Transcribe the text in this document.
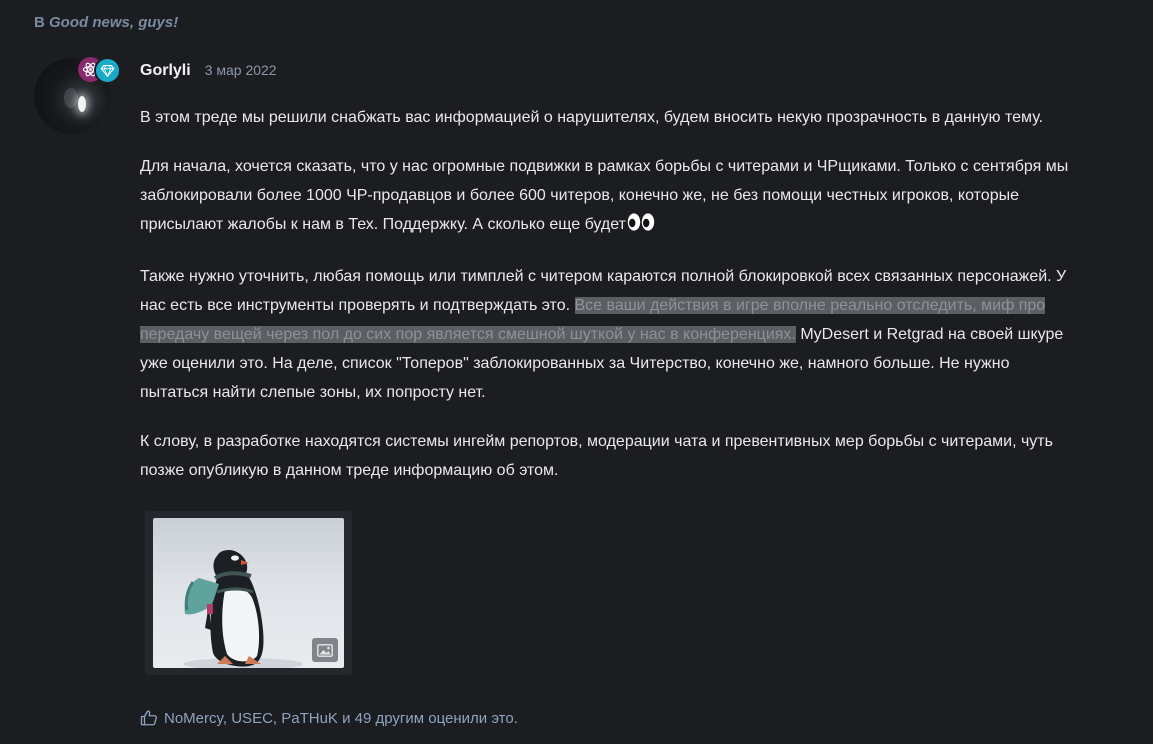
В Good news, guys!
Gorlyli 3 мар 2022

В этом треде мы решили снабжать вас информацией о нарушителях, будем вносить некую прозрачность в данную тему.

Для начала, хочется сказать, что у нас огромные подвижки в рамках борьбы с читерами и ЧРщиками. Только с сентября мы заблокировали более 1000 ЧР-продавцов и более 600 читеров, конечно же, не без помощи честных игроков, которые присылают жалобы к нам в Тех. Поддержку. А сколько еще будет

Также нужно уточнить, любая помощь или тимплей с читером караются полной блокировкой всех связанных персонажей. У нас есть все инструменты проверять и подтверждать это. Все ваши действия в игре вполне реально отследить, миф про передачу вещей через пол до сих пор является смешной шуткой у нас в конференциях. MyDesert и Retgrad на своей шкуре уже оценили это. На деле, список "Топеров" заблокированных за Читерство, конечно же, намного больше. Не нужно пытаться найти слепые зоны, их попросту нет.

К слову, в разработке находятся системы ингейм репортов, модерации чата и превентивных мер борьбы с читерами, чуть позже опубликую в данном треде информацию об этом.

NoMercy, USEC, PaTHuK и 49 другим оценили это.
